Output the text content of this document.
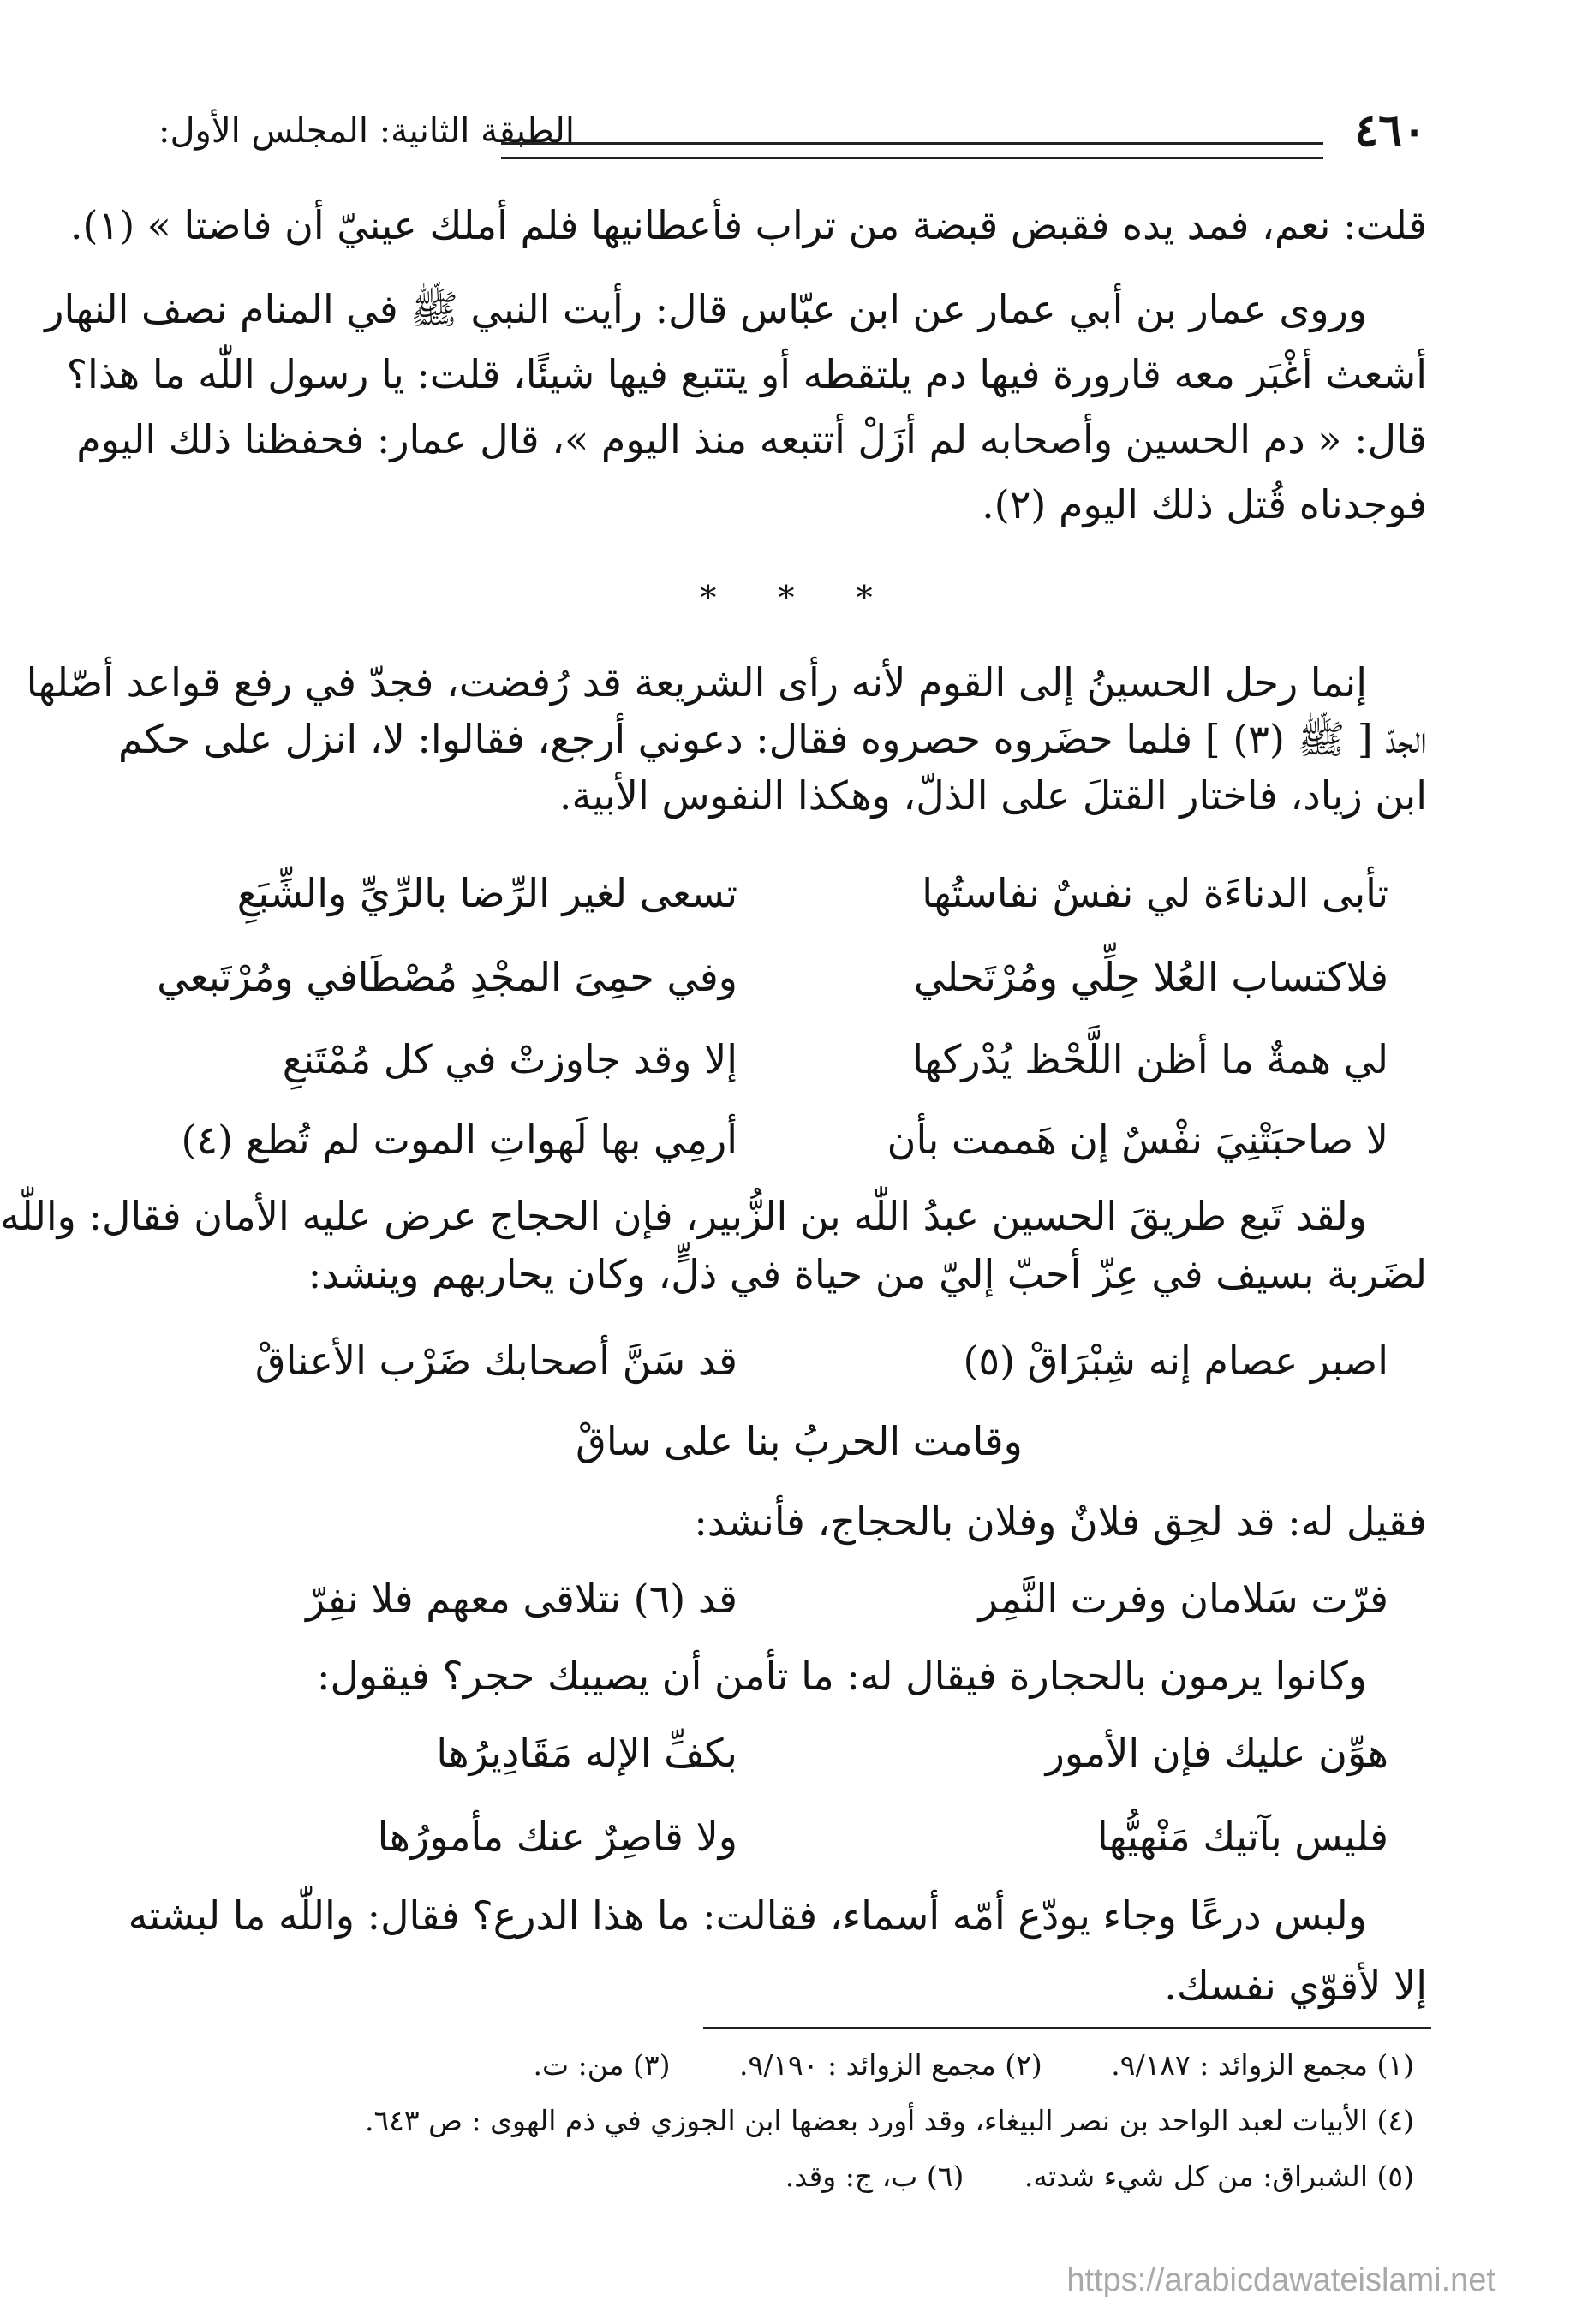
الطبقة الثانية: المجلس الأول:	٤٦٠
قلت: نعم، فمد يده فقبض قبضة من تراب فأعطانيها فلم أملك عينيّ أن فاضتا » (١).
وروى عمار بن أبي عمار عن ابن عبّاس قال: رأيت النبي ﷺ في المنام نصف النهار
أشعث أغْبَر معه قارورة فيها دم يلتقطه أو يتتبع فيها شيئًا، قلت: يا رسول اللّٰه ما هذا؟
قال: « دم الحسين وأصحابه لم أزَلْ أتتبعه منذ اليوم »، قال عمار: فحفظنا ذلك اليوم
فوجدناه قُتل ذلك اليوم (٢).
* * *
إنما رحل الحسينُ إلى القوم لأنه رأى الشريعة قد رُفضت، فجدّ في رفع قواعد أصّلها
الجدّ [ ﷺ (٣) ] فلما حضَروه حصروه فقال: دعوني أرجع، فقالوا: لا، انزل على حكم
ابن زياد، فاختار القتلَ على الذلّ، وهكذا النفوس الأبية.
تأبى الدناءَة لي نفسٌ نفاستُها
تسعى لغير الرِّضا بالرِّيِّ والشِّبَعِ
فلاكتساب العُلا حِلِّي ومُرْتَحلي
وفي حمِىَ المجْدِ مُصْطَافي ومُرْتَبعي
لي همةٌ ما أظن اللَّحْظ يُدْركها
إلا وقد جاوزتْ في كل مُمْتَنعِ
لا صاحبَتْنِيَ نفْسٌ إن هَممت بأن
أرمِي بها لَهواتِ الموت لم تُطع (٤)
ولقد تَبع طريقَ الحسين عبدُ اللّٰه بن الزُّبير، فإن الحجاج عرض عليه الأمان فقال: واللّٰه
لضَربة بسيف في عِزّ أحبّ إليّ من حياة في ذلٍّ، وكان يحاربهم وينشد:
اصبر عصام إنه شِبْرَاقْ (٥)
قد سَنَّ أصحابك ضَرْب الأعناقْ
وقامت الحربُ بنا على ساقْ
فقيل له: قد لحِق فلانٌ وفلان بالحجاج، فأنشد:
فرّت سَلامان وفرت النَّمِر
قد (٦) نتلاقى معهم فلا نفِرّ
وكانوا يرمون بالحجارة فيقال له: ما تأمن أن يصيبك حجر؟ فيقول:
هوِّن عليك فإن الأمور
بكفِّ الإله مَقَادِيرُها
فليس بآتيك مَنْهيُّها
ولا قاصِرٌ عنك مأمورُها
ولبس درعًا وجاء يودّع أمّه أسماء، فقالت: ما هذا الدرع؟ فقال: واللّٰه ما لبشته
إلا لأقوّي نفسك.
(١) مجمع الزوائد : ٩/١٨٧. (٢) مجمع الزوائد : ٩/١٩٠. (٣) من: ت.
(٤) الأبيات لعبد الواحد بن نصر البيغاء، وقد أورد بعضها ابن الجوزي في ذم الهوى : ص ٦٤٣.
(٥) الشبراق: من كل شيء شدته. (٦) ب، ج: وقد.
https://arabicdawateislami.net
